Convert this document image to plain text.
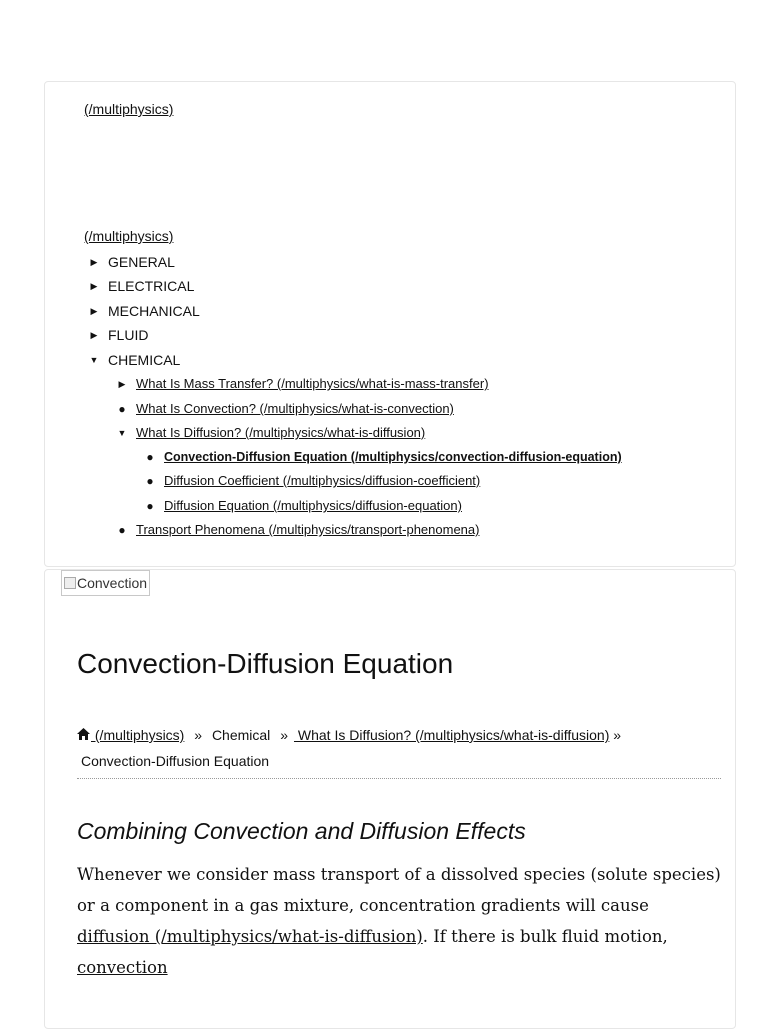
(/multiphysics)
(/multiphysics)
▶ GENERAL
▶ ELECTRICAL
▶ MECHANICAL
▶ FLUID
▼ CHEMICAL
▶ What Is Mass Transfer? (/multiphysics/what-is-mass-transfer)
● What Is Convection? (/multiphysics/what-is-convection)
▼ What Is Diffusion? (/multiphysics/what-is-diffusion)
● Convection-Diffusion Equation (/multiphysics/convection-diffusion-equation)
● Diffusion Coefficient (/multiphysics/diffusion-coefficient)
● Diffusion Equation (/multiphysics/diffusion-equation)
● Transport Phenomena (/multiphysics/transport-phenomena)
Convection
Convection-Diffusion Equation
(/multiphysics) » Chemical » What Is Diffusion? (/multiphysics/what-is-diffusion) »
Convection-Diffusion Equation
Combining Convection and Diffusion Effects

Whenever we consider mass transport of a dissolved species (solute species) or a component in a gas mixture, concentration gradients will cause diffusion (/multiphysics/what-is-diffusion). If there is bulk fluid motion, convection
